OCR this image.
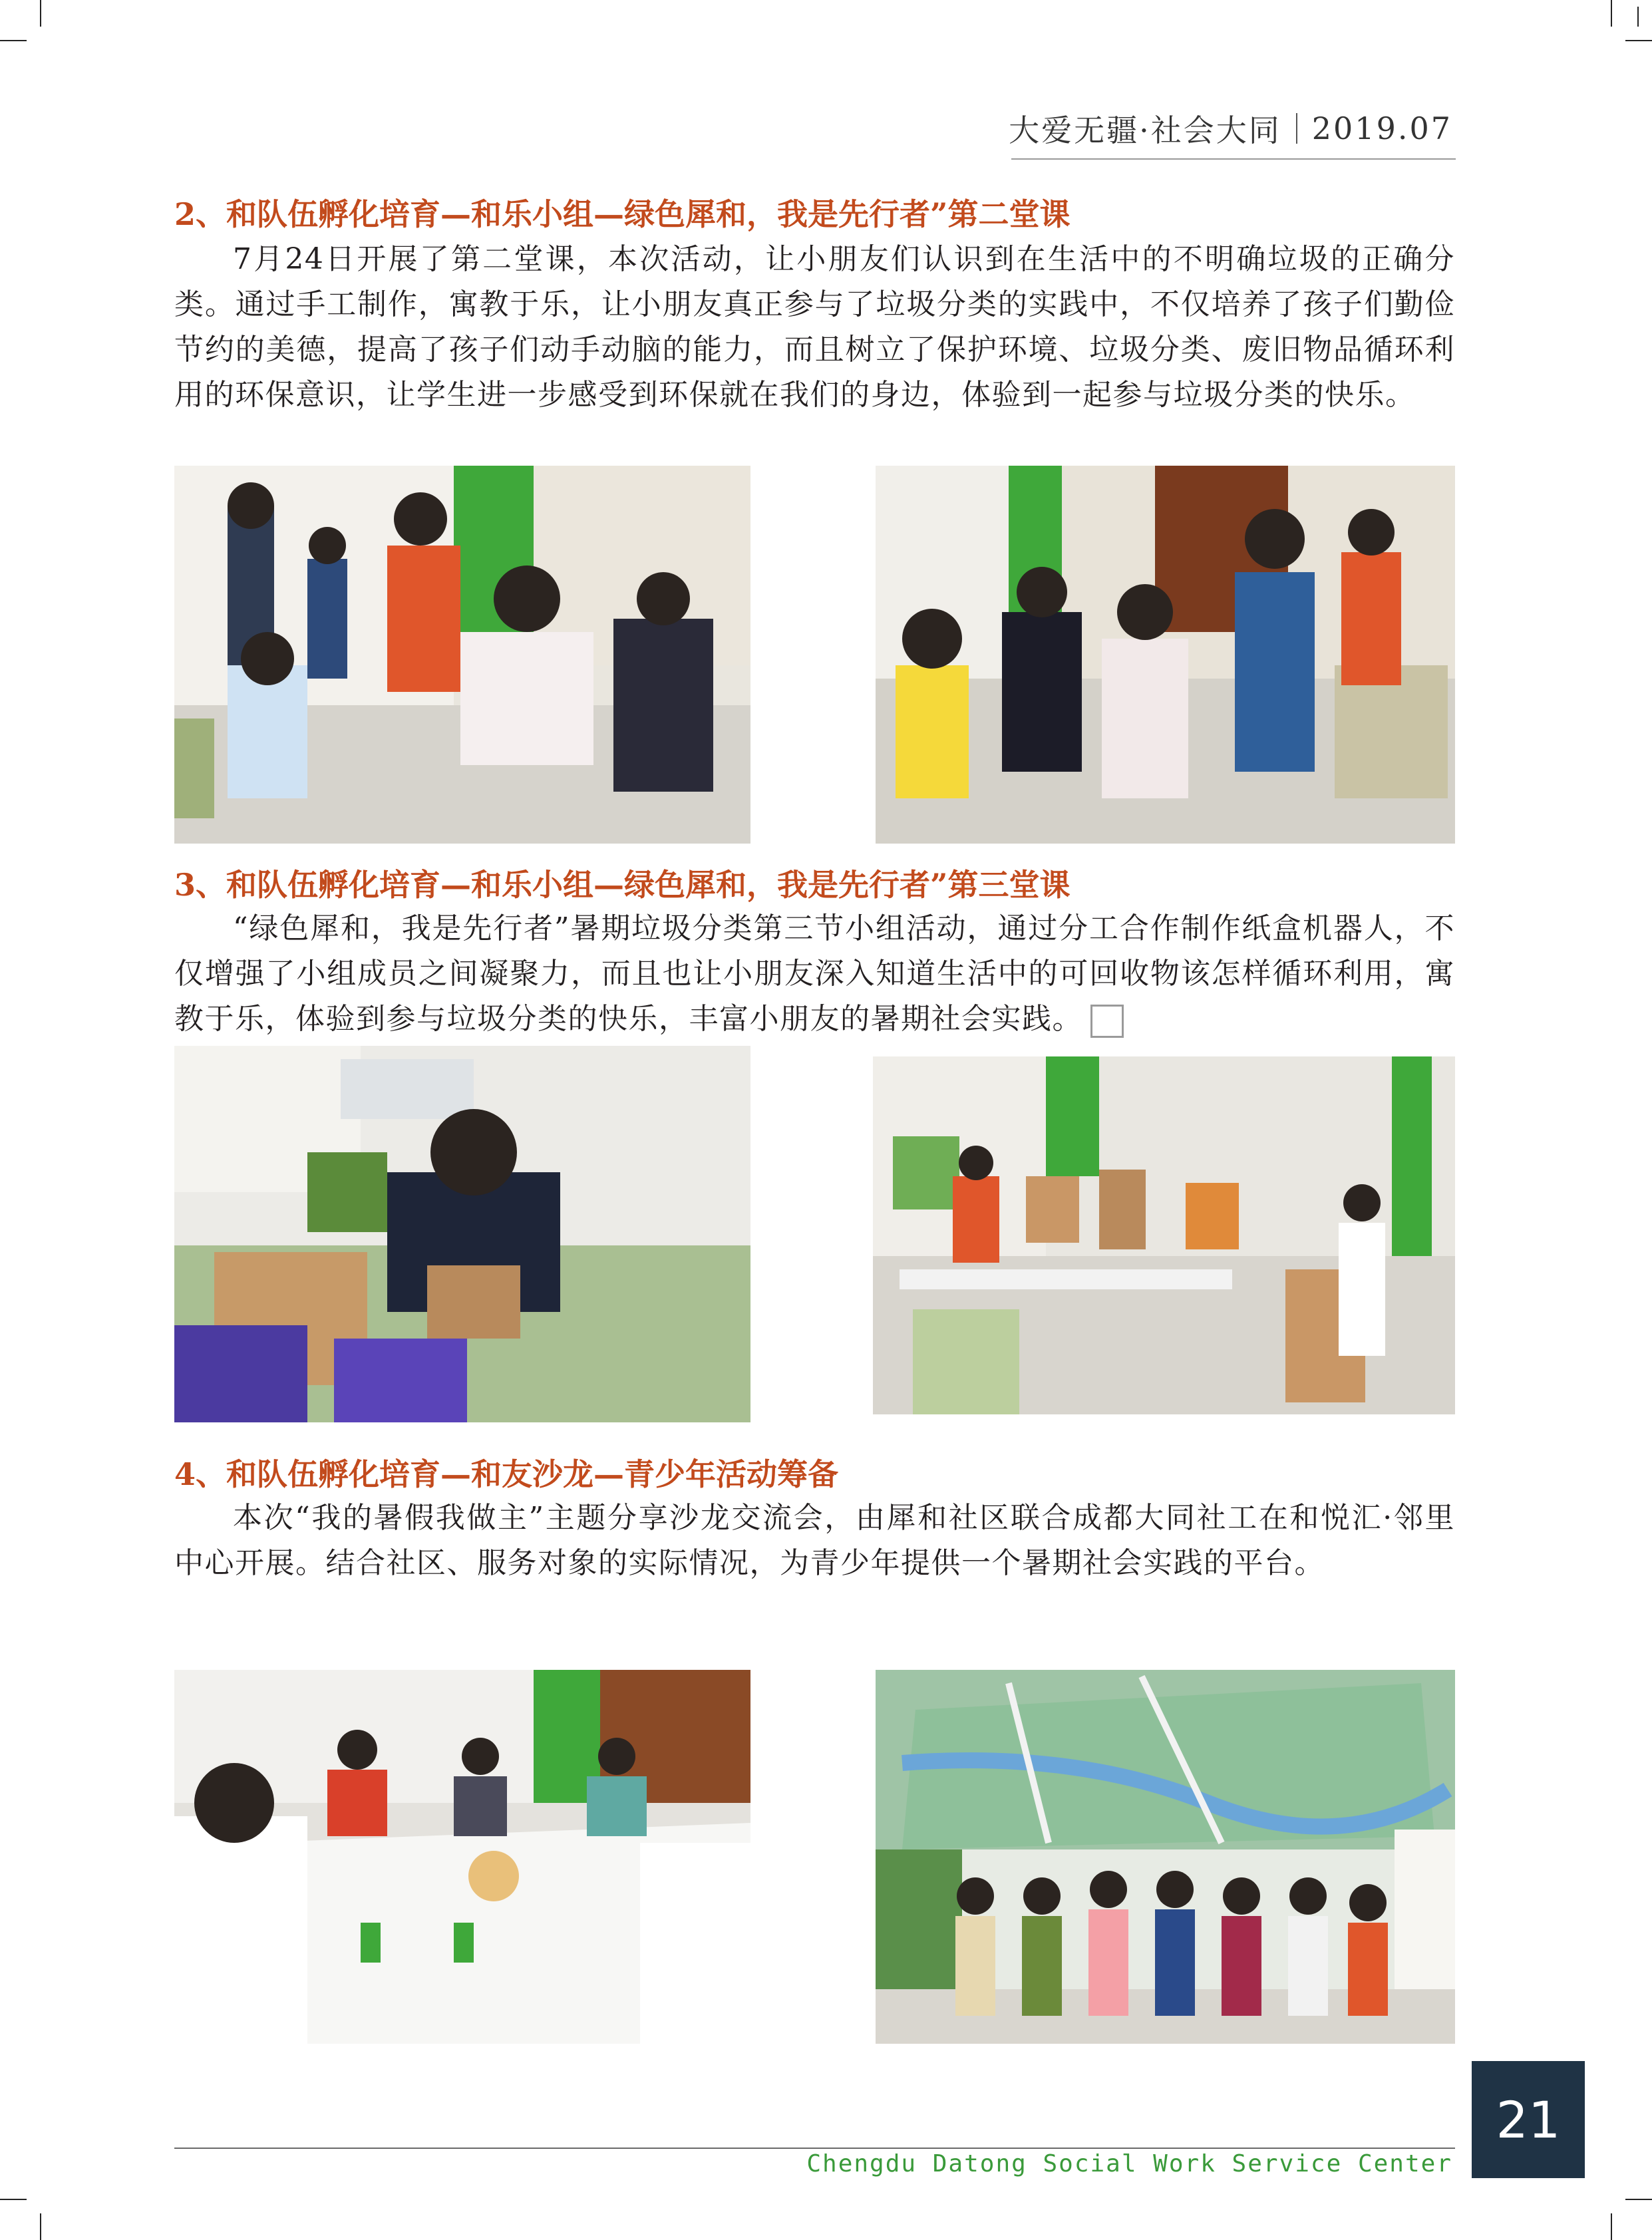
大爱无疆·社会大同 2019.07
2、和队伍孵化培育—和乐小组—绿色犀和，我是先行者”第二堂课

7月24日开展了第二堂课，本次活动，让小朋友们认识到在生活中的不明确垃圾的正确分类。通过手工制作，寓教于乐，让小朋友真正参与了垃圾分类的实践中，不仅培养了孩子们勤俭节约的美德，提高了孩子们动手动脑的能力，而且树立了保护环境、垃圾分类、废旧物品循环利用的环保意识，让学生进一步感受到环保就在我们的身边，体验到一起参与垃圾分类的快乐。

3、和队伍孵化培育—和乐小组—绿色犀和，我是先行者”第三堂课

“绿色犀和，我是先行者”暑期垃圾分类第三节小组活动，通过分工合作制作纸盒机器人，不仅增强了小组成员之间凝聚力，而且也让小朋友深入知道生活中的可回收物该怎样循环利用，寓教于乐，体验到参与垃圾分类的快乐，丰富小朋友的暑期社会实践。

4、和队伍孵化培育—和友沙龙—青少年活动筹备

本次“我的暑假我做主”主题分享沙龙交流会，由犀和社区联合成都大同社工在和悦汇·邻里中心开展。结合社区、服务对象的实际情况，为青少年提供一个暑期社会实践的平台。

21
Chengdu Datong Social Work Service Center
